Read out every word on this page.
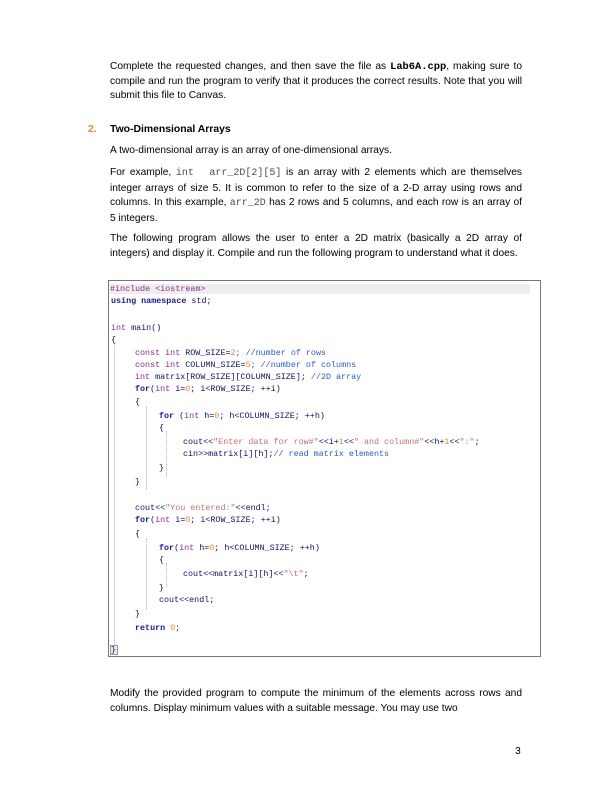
Complete the requested changes, and then save the file as Lab6A.cpp, making sure to compile and run the program to verify that it produces the correct results. Note that you will submit this file to Canvas.

2. Two-Dimensional Arrays

A two-dimensional array is an array of one-dimensional arrays.

For example, int  arr_2D[2][5] is an array with 2 elements which are themselves integer arrays of size 5. It is common to refer to the size of a 2-D array using rows and columns. In this example, arr_2D has 2 rows and 5 columns, and each row is an array of 5 integers.

The following program allows the user to enter a 2D matrix (basically a 2D array of integers) and display it. Compile and run the following program to understand what it does.

#include <iostream>
using namespace std;
int main()
{
const int ROW_SIZE=2; //number of rows
const int COLUMN_SIZE=5; //number of columns
int matrix[ROW_SIZE][COLUMN_SIZE]; //2D array
for(int i=0; i<ROW_SIZE; ++i)
{
for (int h=0; h<COLUMN_SIZE; ++h)
{
cout<<"Enter data for row#"<<i+1<<" and column#"<<h+1<<":";
cin>>matrix[i][h];// read matrix elements
}
}
cout<<"You entered:"<<endl;
for(int i=0; i<ROW_SIZE; ++i)
{
for(int h=0; h<COLUMN_SIZE; ++h)
{
cout<<matrix[i][h]<<"\t";
}
cout<<endl;
}
return 0;
}

Modify the provided program to compute the minimum of the elements across rows and columns. Display minimum values with a suitable message. You may use two

3
